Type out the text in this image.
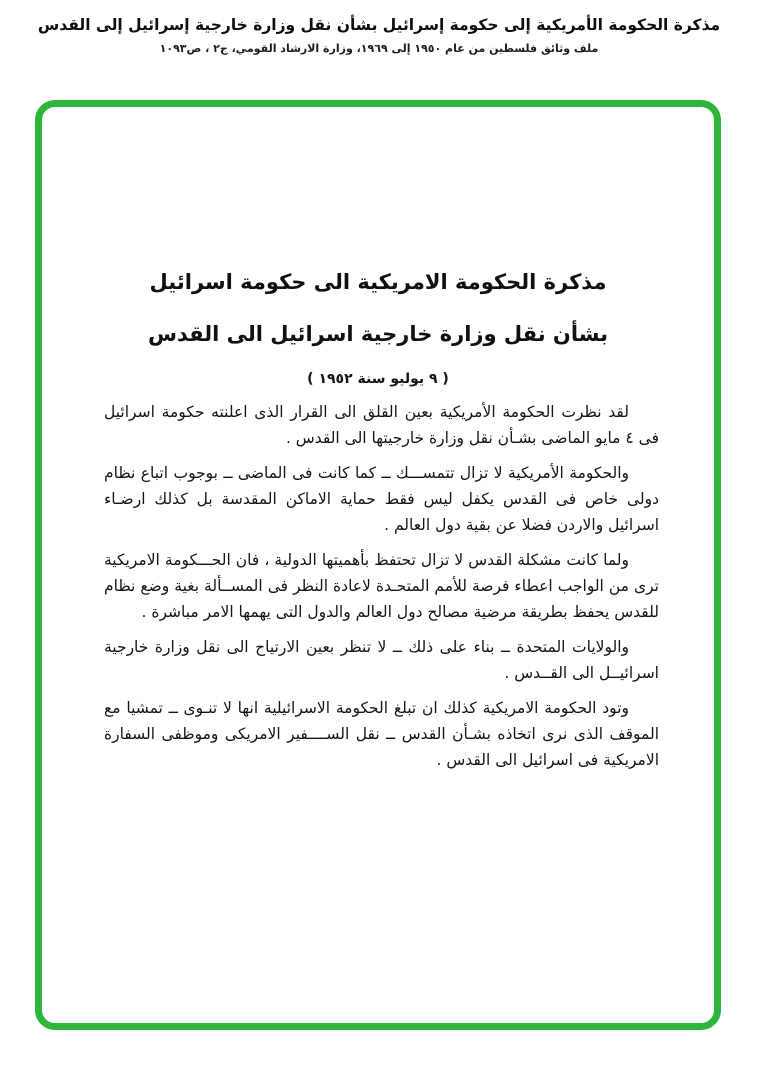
مذكرة الحكومة الأمريكية إلى حكومة إسرائيل بشأن نقل وزارة خارجية إسرائيل إلى القدس
ملف وثائق فلسطين من عام ١٩٥٠ إلى ١٩٦٩، وزارة الارشاد القومي، ج٢ ، ص١٠٩٣
مذكرة الحكومة الامريكية الى حكومة اسرائيل
بشأن نقل وزارة خارجية اسرائيل الى القدس
( ٩ يوليو سنة ١٩٥٢ )

لقد نظرت الحكومة الأمريكية بعين القلق الى القرار الذى اعلنته حكومة اسرائيل فى ٤ مايو الماضى بشـأن نقل وزارة خارجيتها الى القدس .

والحكومة الأمريكية لا تزال تتمســـك ــ كما كانت فى الماضى ــ بوجوب اتباع نظام دولى خاص فى القدس يكفل ليس فقط حماية الاماكن المقدسة بل كذلك ارضـاء اسرائيل والاردن فضلا عن بقية دول العالم .

ولما كانت مشكلة القدس لا تزال تحتفظ بأهميتها الدولية ، فان الحـــكومة الامريكية ترى من الواجب اعطاء فرصة للأمم المتحـدة لاعادة النظر فى المســألة بغية وضع نظام للقدس يحفظ بطريقة مرضية مصالح دول العالم والدول التى يهمها الامر مباشرة .

والولايات المتحدة ــ بناء على ذلك ــ لا تنظر بعين الارتياح الى نقل وزارة خارجية اسرائيــل الى القــدس .

وتود الحكومة الامريكية كذلك ان تبلغ الحكومة الاسرائيلية انها لا تنـوى ــ تمشيا مع الموقف الذى نرى اتخاذه بشـأن القدس ــ نقل الســــفير الامريكى وموظفى السفارة الامريكية فى اسرائيل الى القدس .
